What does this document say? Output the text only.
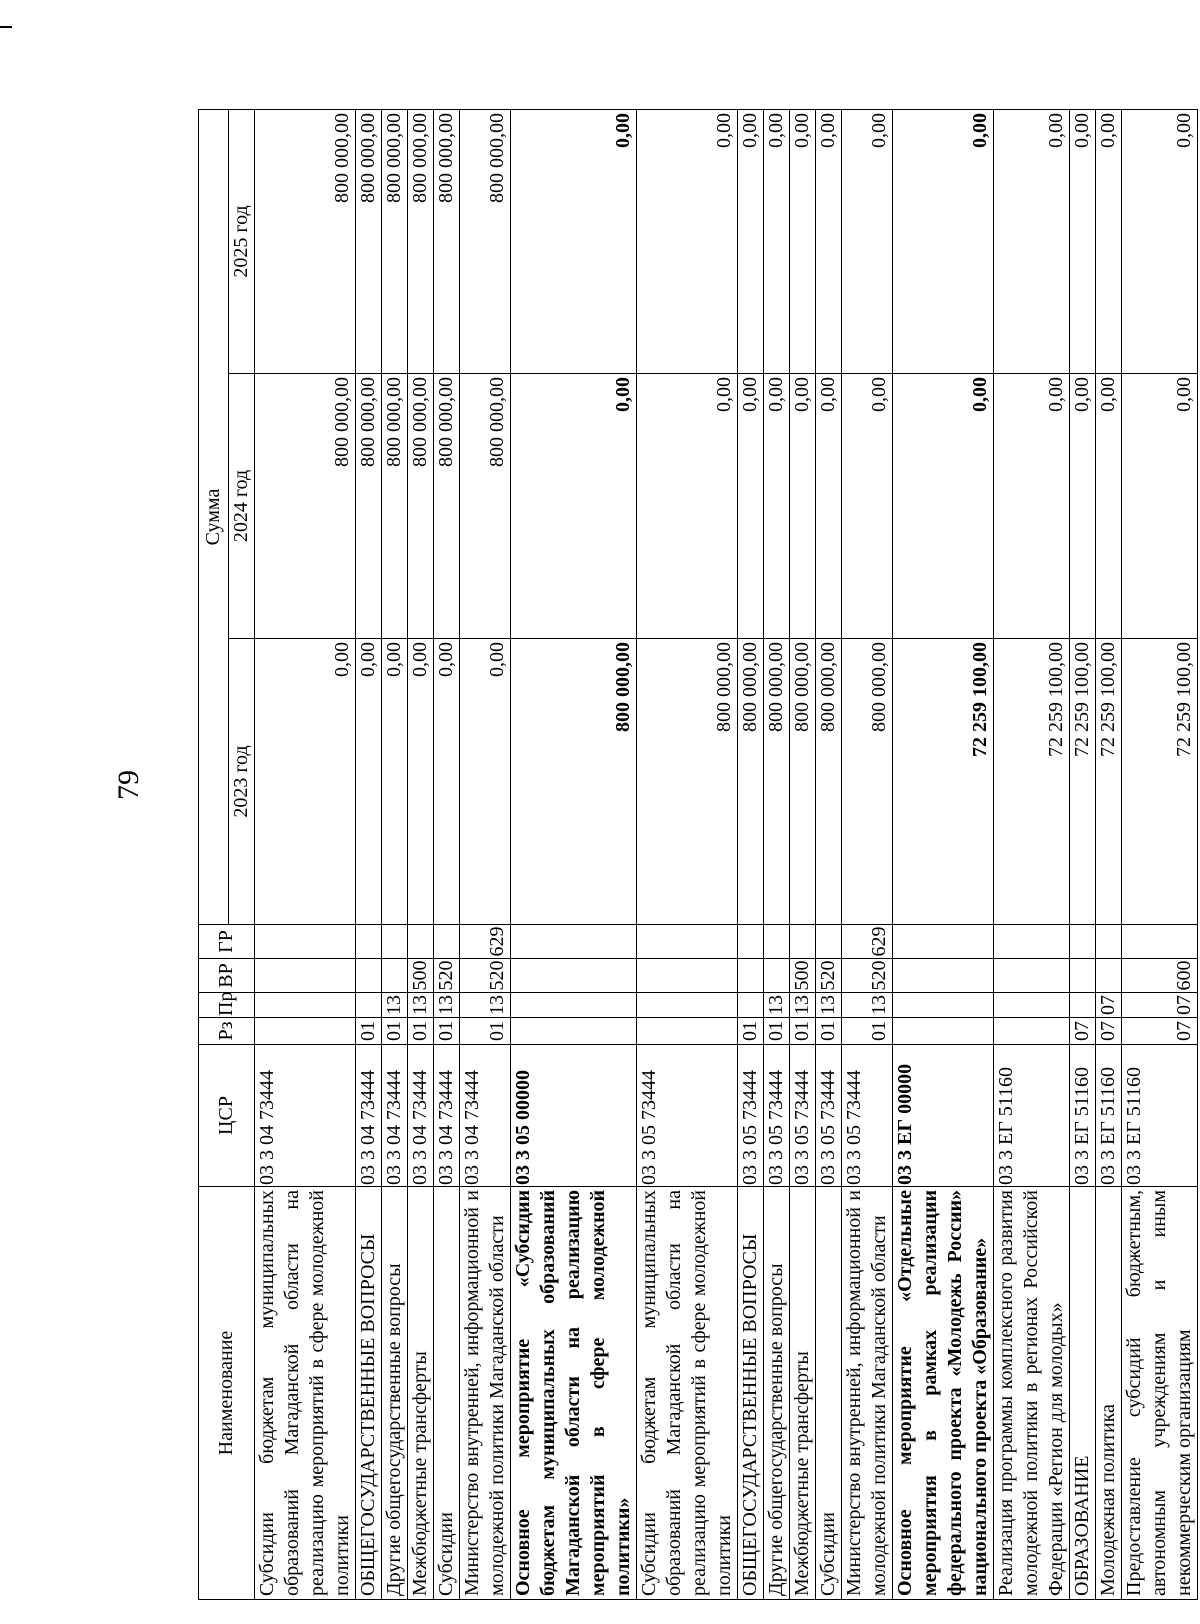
79
Наименование	ЦСР	Рз	Пр	ВР	ГР	Сумма		
						2023 год	2024 год	2025 год
Субсидии бюджетам муниципальных образований Магаданской области на реализацию мероприятий в сфере молодежной политики	03 3 04 73444					0,00	800 000,00	800 000,00
ОБЩЕГОСУДАРСТВЕННЫЕ ВОПРОСЫ	03 3 04 73444	01				0,00	800 000,00	800 000,00
Другие общегосударственные вопросы	03 3 04 73444	01	13			0,00	800 000,00	800 000,00
Межбюджетные трансферты	03 3 04 73444	01	13	500		0,00	800 000,00	800 000,00
Субсидии	03 3 04 73444	01	13	520		0,00	800 000,00	800 000,00
Министерство внутренней, информационной и молодежной политики Магаданской области	03 3 04 73444	01	13	520	629	0,00	800 000,00	800 000,00
Основное мероприятие «Субсидии бюджетам муниципальных образований Магаданской области на реализацию мероприятий в сфере молодежной политики»	03 3 05 00000					800 000,00	0,00	0,00
Субсидии бюджетам муниципальных образований Магаданской области на реализацию мероприятий в сфере молодежной политики	03 3 05 73444					800 000,00	0,00	0,00
ОБЩЕГОСУДАРСТВЕННЫЕ ВОПРОСЫ	03 3 05 73444	01				800 000,00	0,00	0,00
Другие общегосударственные вопросы	03 3 05 73444	01	13			800 000,00	0,00	0,00
Межбюджетные трансферты	03 3 05 73444	01	13	500		800 000,00	0,00	0,00
Субсидии	03 3 05 73444	01	13	520		800 000,00	0,00	0,00
Министерство внутренней, информационной и молодежной политики Магаданской области	03 3 05 73444	01	13	520	629	800 000,00	0,00	0,00
Основное мероприятие «Отдельные мероприятия в рамках реализации федерального проекта «Молодежь России» национального проекта «Образование»	03 3 ЕГ 00000					72 259 100,00	0,00	0,00
Реализация программы комплексного развития молодежной политики в регионах Российской Федерации «Регион для молодых»	03 3 ЕГ 51160					72 259 100,00	0,00	0,00
ОБРАЗОВАНИЕ	03 3 ЕГ 51160	07				72 259 100,00	0,00	0,00
Молодежная политика	03 3 ЕГ 51160	07	07			72 259 100,00	0,00	0,00
Предоставление субсидий бюджетным, автономным учреждениям и иным некоммерческим организациям	03 3 ЕГ 51160	07	07	600		72 259 100,00	0,00	0,00
